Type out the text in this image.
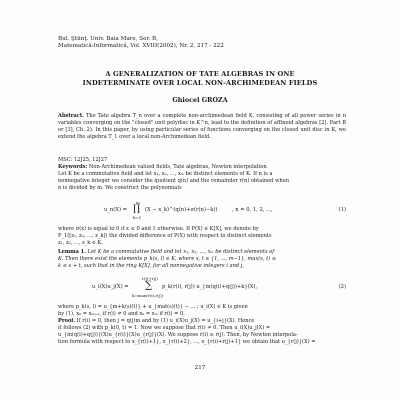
Bul. Ştiinţ. Univ. Baia Mare, Ser. B,
Matematică-Informatică, Vol. XVIII(2002), Nr. 2, 217 - 222
A GENERALIZATION OF TATE ALGEBRAS IN ONE
INDETERMINATE OVER LOCAL NON-ARCHIMEDEAN FIELDS
Ghiocel GROZA
Abstract. The Tate algebra T_n over a complete non-archimedean field K, consisting of all power series in n variables converging on the "closed" unit polydisc in K^n, lead to the definition of affinoid algebras [2]. Part B or [3], Ch. 2). In this paper, by using particular series of functions converging on the closed unit disc in K, we extend the algebra T_1 over a local non-Archimedean field.
MSC: 12J25, 12J27
Keywords: Non-Archimedean valued fields, Tate algebras, Newton interpolation
Let K be a commutative field and let x₁, x₂, ..., xₘ be distinct elements of K. If n is a
nonnegative integer we consider the quotient q(n) and the remainder r(n) obtained when
n is divided by m. We construct the polynomials
u_n(X) =
m
∏
k=1
(X − x_k)^(q(n)+σ(r(n)−k))	, n = 0, 1, 2, ...,	(1)
where σ(x) is equal to 0 if x ≤ 0 and 1 otherwise. If P(X) ∈ K[X], we denote by
P_1([z₁, z₂, ..., z_k]) the divided difference of P(X) with respect to distinct elements
z₁, z₂, ..., z_k ∈ K.
Lemma 1. Let K be a commutative field and let x₁, x₂, ..., xₘ be distinct elements of
K. Then there exist the elements p_k(s, l) ∈ K, where s, t ∈ {1, ..., m−1}, max(s, t) ≤
k ≤ s + t, such that in the ring K[X], for all nonnegative integers i and j,
u_i(X)u_j(X) =
r(i)+r(j)
∑
k=max(r(i),r(j))
p_k(r(i), r(j)) u_{m(q(i)+q(j))+k}(X),	(2)
where p_k(s, l) = u_{m+k(s)(t)} + u_{mat(s)(t)} − ... ; u_i(X) ∈ K is given
by (1), x₀ = xₘ₊₁, if r(i) ≠ 0 and x₀ = xₘ if r(i) = 0.
Proof. If r(i) = 0, then j = q(j)m and by (1) u_i(X)u_j(X) = u_{i+j}(X). Hence
it follows (2) with p_k(0, t) = 1. Now we suppose that r(i) ≠ 0. Then u_i(X)u_j(X) =
u_{m(q(i)+q(j))}(X)u_{r(i)}(X)u_{r(j)}(X). We suppose r(i) ≥ r(j). Then, by Newton interpola-
tion formula with respect to x_{r(i)+1}, x_{r(i)+2}, ..., x_{r(i)+r(j)+1} we obtain that u_{r(j)}(X) =
217
